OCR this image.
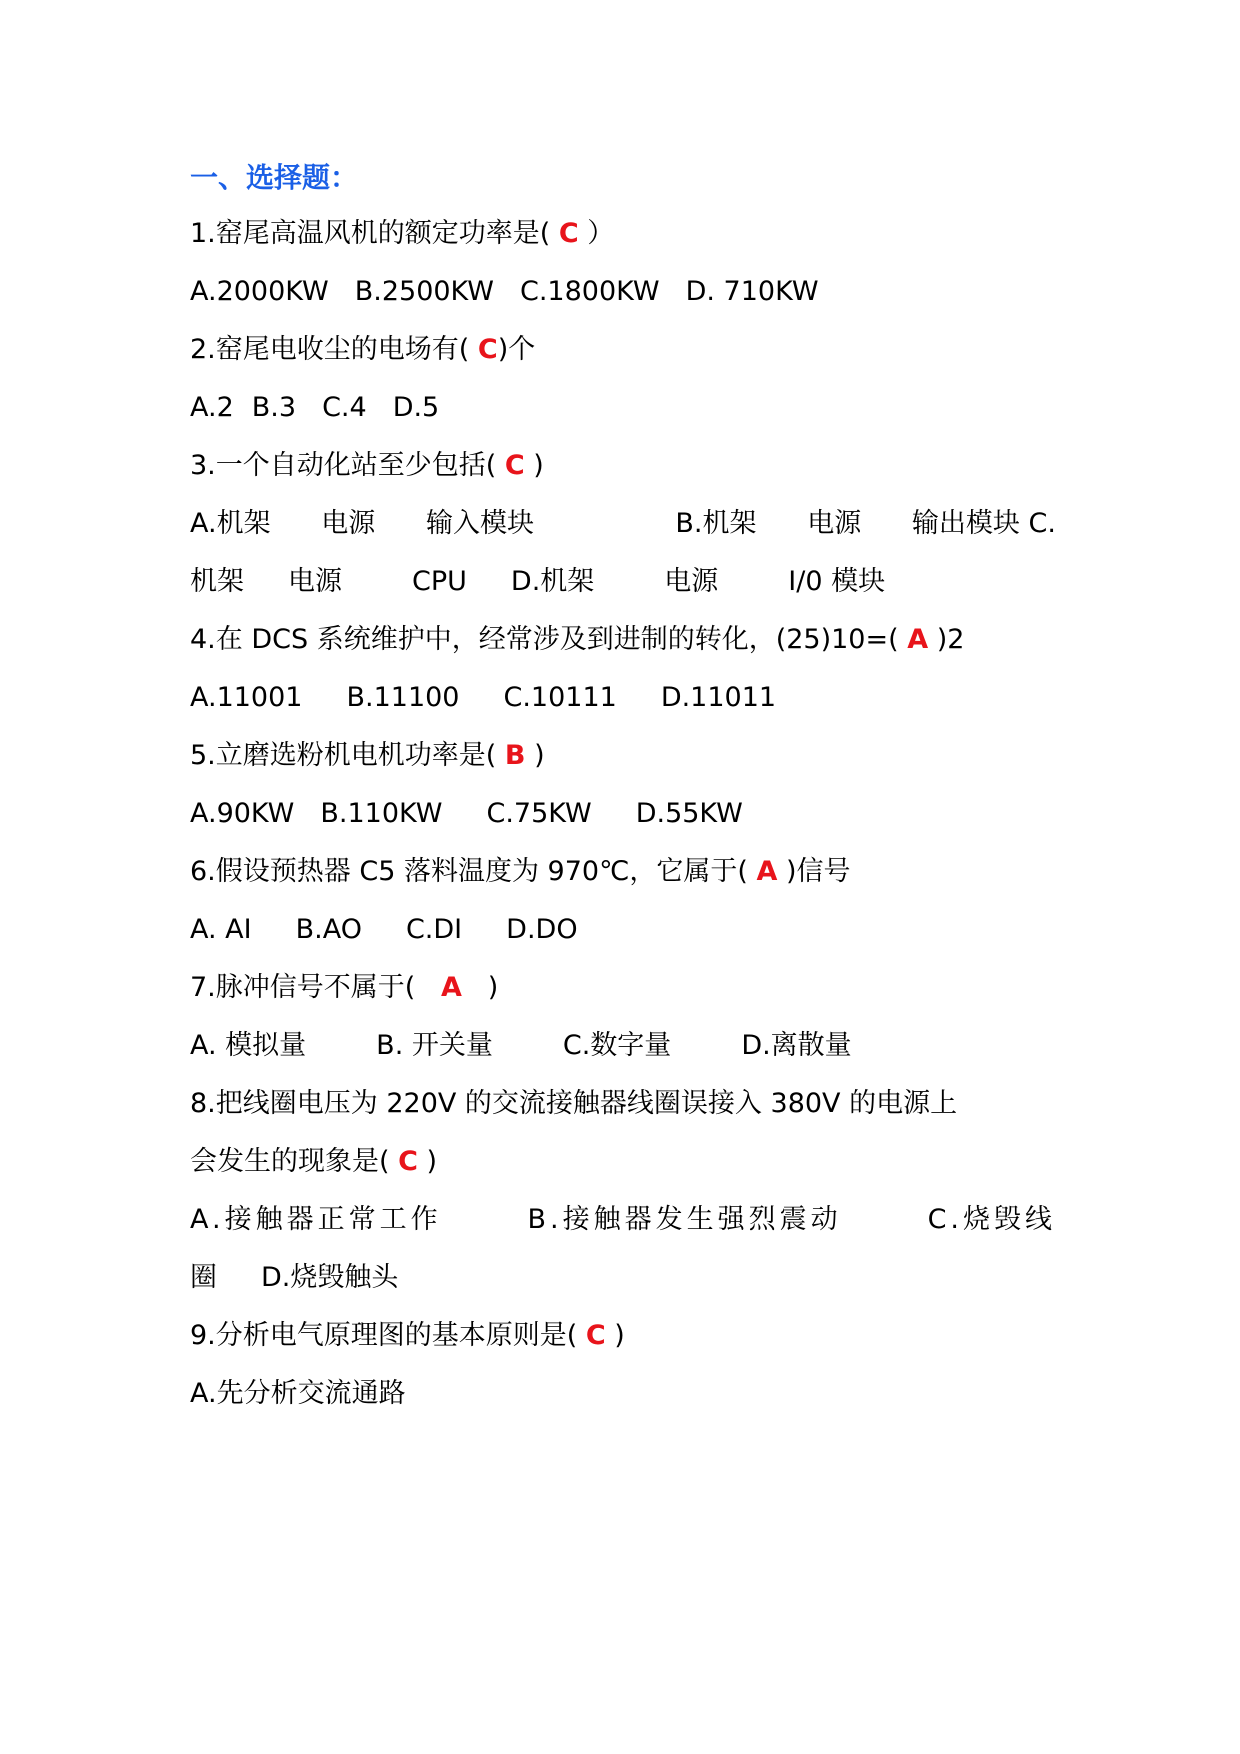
一、选择题：
1.窑尾高温风机的额定功率是( C ）
A.2000KW B.2500KW C.1800KW D. 710KW
2.窑尾电收尘的电场有( C)个
A.2 B.3 C.4 D.5
3.一个自动化站至少包括( C )
A.机架 电源 输入模块	B.机架 电源 输出模块 C.
机架 电源	CPU D.机架	电源	I/0 模块
4.在 DCS 系统维护中，经常涉及到进制的转化，(25)10=( A )2
A.11001 B.11100 C.10111 D.11011
5.立磨选粉机电机功率是( B )
A.90KW B.110KW C.75KW D.55KW
6.假设预热器 C5 落料温度为 970℃，它属于( A )信号
A. AI B.AO C.DI D.DO
7.脉冲信号不属于(   A   )
A. 模拟量	B. 开关量	C.数字量	D.离散量
8.把线圈电压为 220V 的交流接触器线圈误接入 380V 的电源上
会发生的现象是( C )
A.接触器正常工作	B.接触器发生强烈震动	C.烧毁线
圈 D.烧毁触头
9.分析电气原理图的基本原则是( C )
A.先分析交流通路
